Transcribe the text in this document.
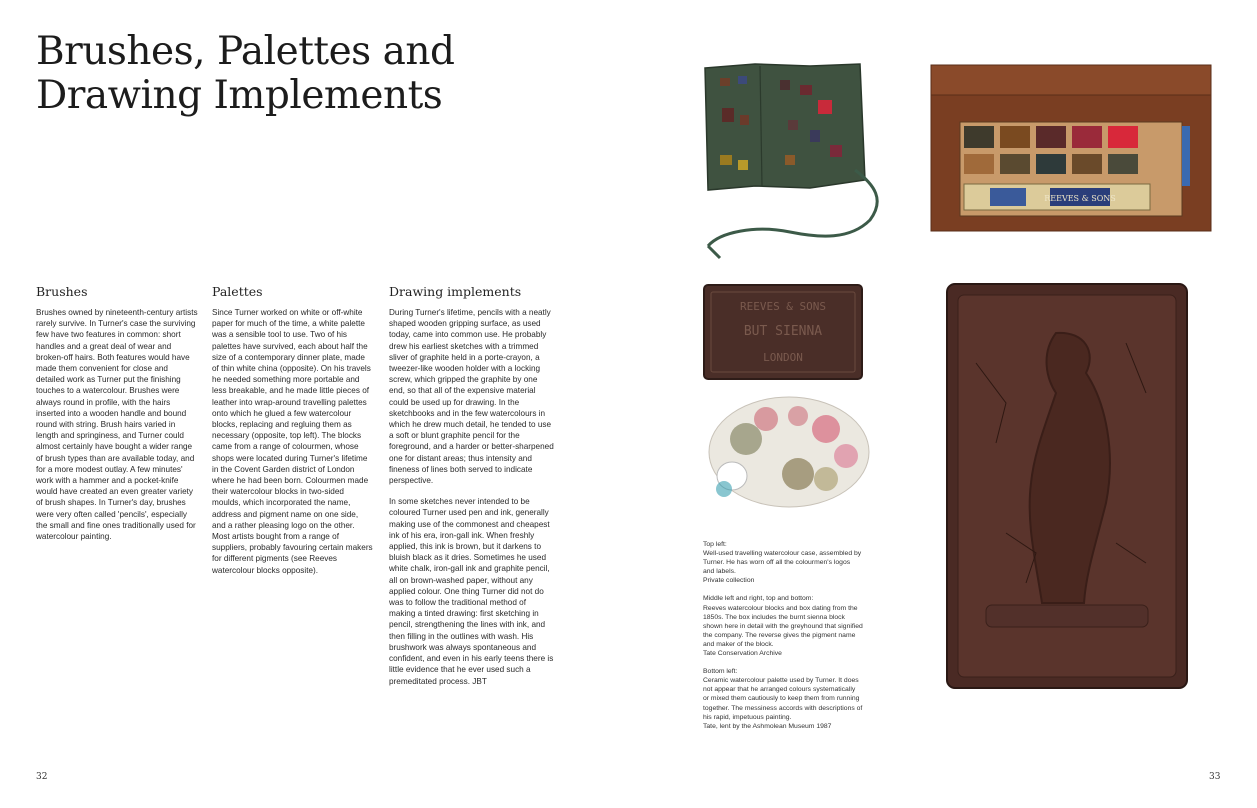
Brushes, Palettes and
Drawing Implements
Brushes

Brushes owned by nineteenth-century artists rarely survive. In Turner's case the surviving few have two features in common: short handles and a great deal of wear and broken-off hairs. Both features would have made them convenient for close and detailed work as Turner put the finishing touches to a watercolour. Brushes were always round in profile, with the hairs inserted into a wooden handle and bound round with string. Brush hairs varied in length and springiness, and Turner could almost certainly have bought a wider range of brush types than are available today, and for a more modest outlay. A few minutes' work with a hammer and a pocket-knife would have created an even greater variety of brush shapes. In Turner's day, brushes were very often called 'pencils', especially the small and fine ones traditionally used for watercolour painting.

Palettes

Since Turner worked on white or off-white paper for much of the time, a white palette was a sensible tool to use. Two of his palettes have survived, each about half the size of a contemporary dinner plate, made of thin white china (opposite). On his travels he needed something more portable and less breakable, and he made little pieces of leather into wrap-around travelling palettes onto which he glued a few watercolour blocks, replacing and regluing them as necessary (opposite, top left). The blocks came from a range of colourmen, whose shops were located during Turner's lifetime in the Covent Garden district of London where he had been born. Colourmen made their watercolour blocks in two-sided moulds, which incorporated the name, address and pigment name on one side, and a rather pleasing logo on the other. Most artists bought from a range of suppliers, probably favouring certain makers for different pigments (see Reeves watercolour blocks opposite).

Drawing implements

During Turner's lifetime, pencils with a neatly shaped wooden gripping surface, as used today, came into common use. He probably drew his earliest sketches with a trimmed sliver of graphite held in a porte-crayon, a tweezer-like wooden holder with a locking screw, which gripped the graphite by one end, so that all of the expensive material could be used up for drawing. In the sketchbooks and in the few watercolours in which he drew much detail, he tended to use a soft or blunt graphite pencil for the foreground, and a harder or better-sharpened one for distant areas; thus intensity and fineness of lines both served to indicate perspective.

In some sketches never intended to be coloured Turner used pen and ink, generally making use of the commonest and cheapest ink of his era, iron-gall ink. When freshly applied, this ink is brown, but it darkens to bluish black as it dries. Sometimes he used white chalk, iron-gall ink and graphite pencil, all on brown-washed paper, without any applied colour. One thing Turner did not do was to follow the traditional method of making a tinted drawing: first sketching in pencil, strengthening the lines with ink, and then filling in the outlines with wash. His brushwork was always spontaneous and confident, and even in his early teens there is little evidence that he ever used such a premeditated process. JBT

REEVES & SONS
REEVES & SONS
BUT SIENNA
LONDON
Top left:
Well-used travelling watercolour case, assembled by Turner. He has worn off all the colourmen's logos and labels.
Private collection
Middle left and right, top and bottom:
Reeves watercolour blocks and box dating from the 1850s. The box includes the burnt sienna block shown here in detail with the greyhound that signified the company. The reverse gives the pigment name and maker of the block.
Tate Conservation Archive
Bottom left:
Ceramic watercolour palette used by Turner. It does not appear that he arranged colours systematically or mixed them cautiously to keep them from running together. The messiness accords with descriptions of his rapid, impetuous painting.
Tate, lent by the Ashmolean Museum 1987
32	33
